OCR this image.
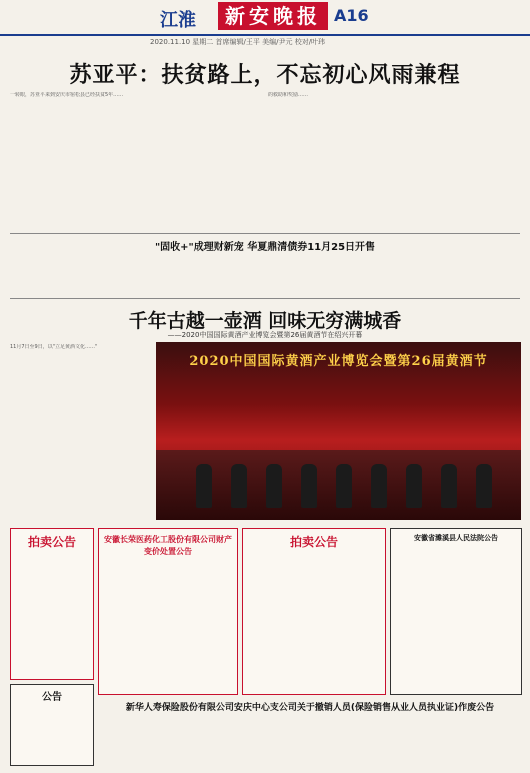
江淮	新安晚报 A16
2020.11.10 星期二 首席编辑/王平 美编/尹元 校对/叶玮
苏亚平：扶贫路上，不忘初心风雨兼程
一转眼，苏亚平来到安庆市宿松县已经扶贫5年……	的救助和奖励……
"固收+"成理财新宠 华夏鼎清债券11月25日开售
千年古越一壶酒 回味无穷满城香
——2020中国国际黄酒产业博览会暨第26届黄酒节在绍兴开幕
11月7日至9日，以"立足黄酒文化……"
2020中国国际黄酒产业博览会暨第26届黄酒节
拍卖公告	安徽长荣医药化工股份有限公司财产变价处置公告
拍卖公告	安徽省濉溪县人民法院公告
公告
新华人寿保险股份有限公司安庆中心支公司关于撤销人员(保险销售从业人员执业证)作废公告
